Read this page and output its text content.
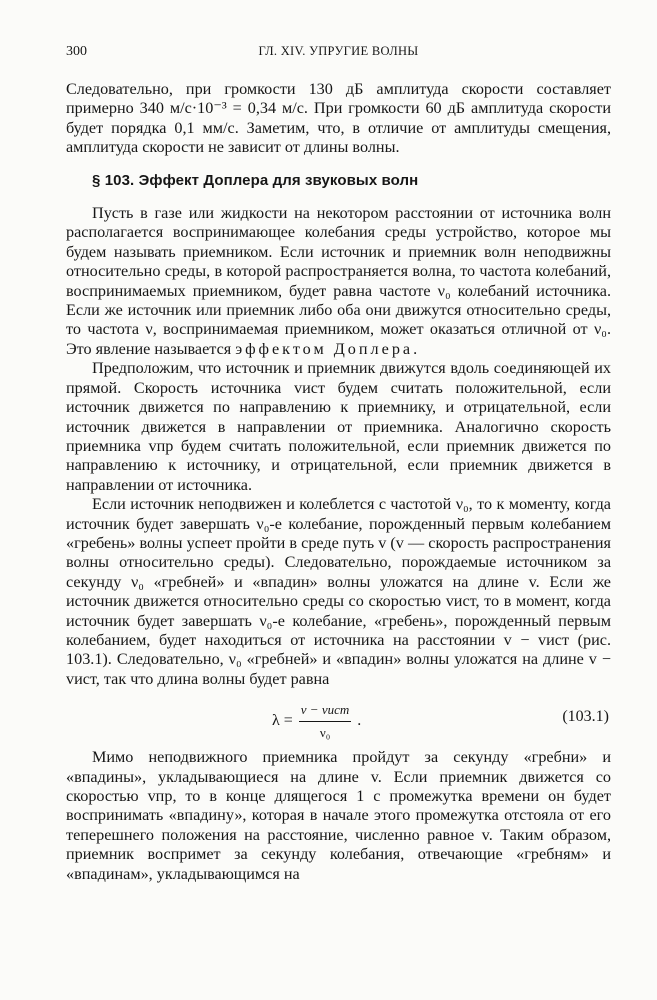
300	ГЛ. XIV. УПРУГИЕ ВОЛНЫ

Следовательно, при громкости 130 дБ амплитуда скорости составляет примерно 340 м/с·10⁻³ = 0,34 м/с. При громкости 60 дБ амплитуда скорости будет порядка 0,1 мм/с. Заметим, что, в отличие от амплитуды смещения, амплитуда скорости не зависит от длины волны.

§ 103. Эффект Доплера для звуковых волн

Пусть в газе или жидкости на некотором расстоянии от источника волн располагается воспринимающее колебания среды устройство, которое мы будем называть приемником. Если источник и приемник волн неподвижны относительно среды, в которой распространяется волна, то частота колебаний, воспринимаемых приемником, будет равна частоте ν₀ колебаний источника. Если же источник или приемник либо оба они движутся относительно среды, то частота ν, воспринимаемая приемником, может оказаться отличной от ν₀. Это явление называется эффектом Доплера.

Предположим, что источник и приемник движутся вдоль соединяющей их прямой. Скорость источника vист будем считать положительной, если источник движется по направлению к приемнику, и отрицательной, если источник движется в направлении от приемника. Аналогично скорость приемника vпр будем считать положительной, если приемник движется по направлению к источнику, и отрицательной, если приемник движется в направлении от источника.

Если источник неподвижен и колеблется с частотой ν₀, то к моменту, когда источник будет завершать ν₀-е колебание, порожденный первым колебанием «гребень» волны успеет пройти в среде путь v (v — скорость распространения волны относительно среды). Следовательно, порождаемые источником за секунду ν₀ «гребней» и «впадин» волны уложатся на длине v. Если же источник движется относительно среды со скоростью vист, то в момент, когда источник будет завершать ν₀-е колебание, «гребень», порожденный первым колебанием, будет находиться от источника на расстоянии v − vист (рис. 103.1). Следовательно, ν₀ «гребней» и «впадин» волны уложатся на длине v − vист, так что длина волны будет равна

$\lambda = \frac{\text{v − vист}}{\text{ν₀}}$ .	(103.1)

Мимо неподвижного приемника пройдут за секунду «гребни» и «впадины», укладывающиеся на длине v. Если приемник движется со скоростью vпр, то в конце длящегося 1 с промежутка времени он будет воспринимать «впадину», которая в начале этого промежутка отстояла от его теперешнего положения на расстояние, численно равное v. Таким образом, приемник воспримет за секунду колебания, отвечающие «гребням» и «впадинам», укладывающимся на
